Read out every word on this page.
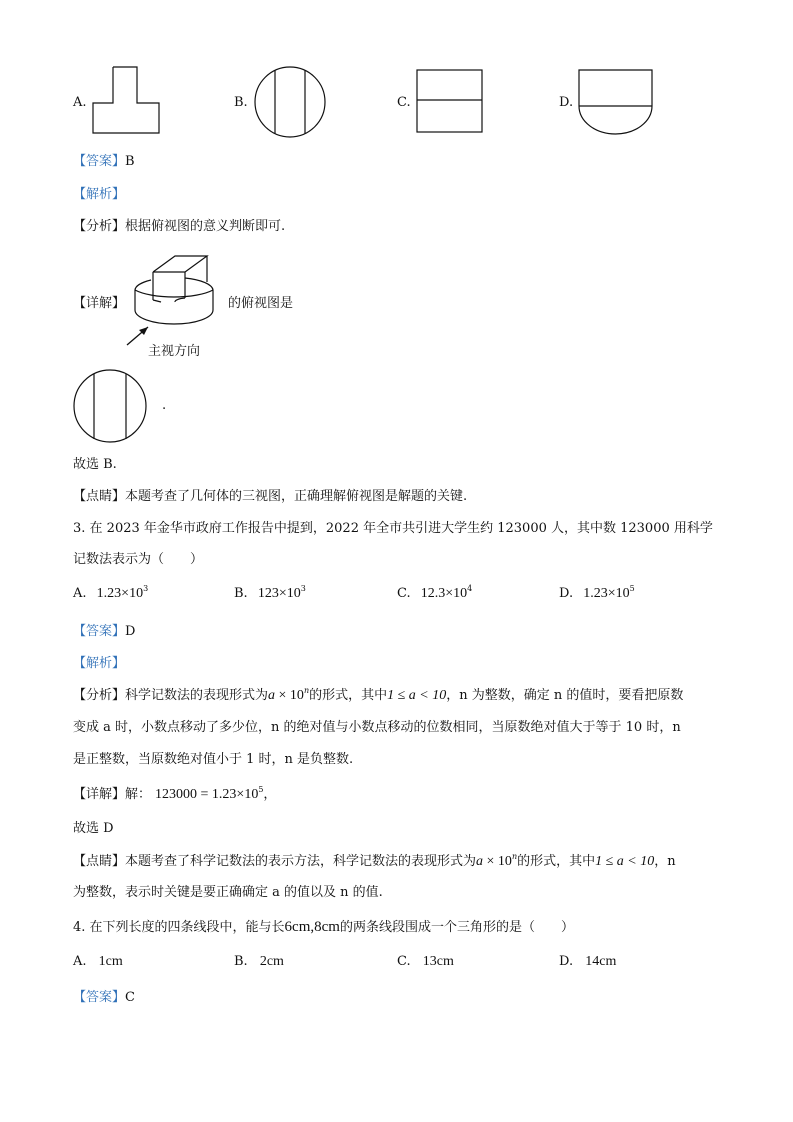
A.	B.	C.	D.
【答案】B
【解析】
【分析】根据俯视图的意义判断即可.
【详解】	的俯视图是
主视方向
.
故选 B.
【点睛】本题考查了几何体的三视图，正确理解俯视图是解题的关键.
3. 在 2023 年金华市政府工作报告中提到，2022 年全市共引进大学生约 123000 人，其中数 123000 用科学
记数法表示为（　　）
A. $1.23\times 10^3$	B. $123\times 10^3$	C. $12.3\times 10^4$	D. $1.23\times 10^5$
【答案】D
【解析】
【分析】科学记数法的表现形式为$a \times 10^n$的形式，其中1 ≤ a < 10，n 为整数，确定 n 的值时，要看把原数
变成 a 时，小数点移动了多少位，n 的绝对值与小数点移动的位数相同，当原数绝对值大于等于 10 时，n
是正整数，当原数绝对值小于 1 时，n 是负整数.
【详解】解： $123000 = 1.23\times 10^5$，
故选 D
【点睛】本题考查了科学记数法的表示方法，科学记数法的表现形式为$a \times 10^n$的形式，其中1 ≤ a < 10，n
为整数，表示时关键是要正确确定 a 的值以及 n 的值.
4. 在下列长度的四条线段中，能与长6cm,8cm的两条线段围成一个三角形的是（　　）
A. 1cm	B. 2cm	C. 13cm	D. 14cm
【答案】C
